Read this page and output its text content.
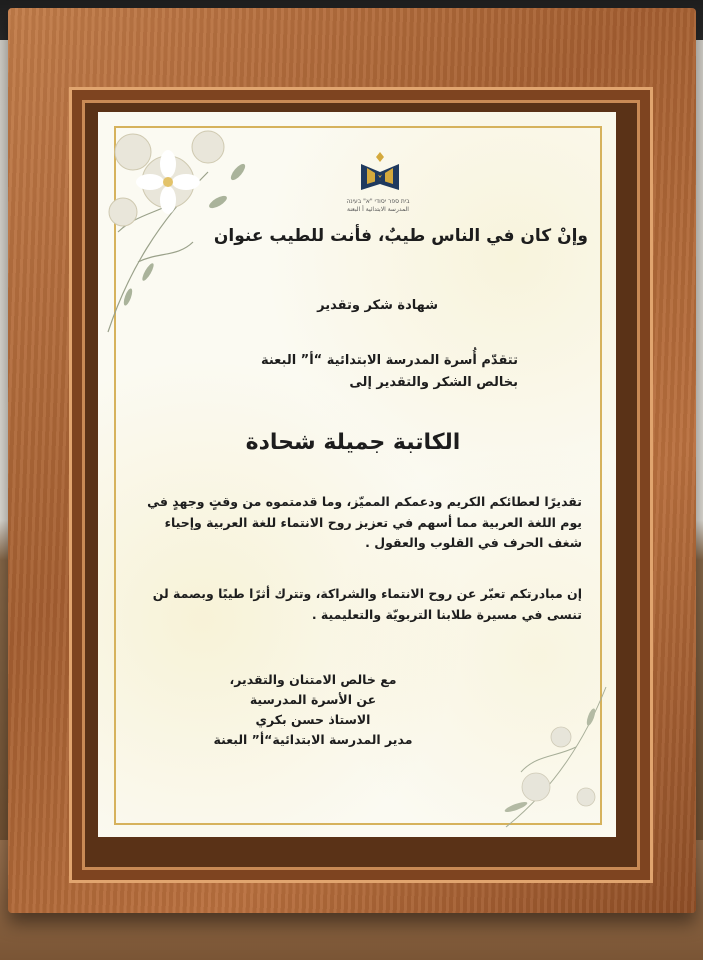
בית ספר יסודי "א" בעינה
المدرسة الابتدائية أ البعنة
وإنْ كان في الناس طيبٌ، فأنت للطيب عنوان
شهادة شكر وتقدير
تتقدّم أُسرة المدرسة الابتدائية “أ” البعنة
بخالص الشكر والتقدير إلى
الكاتبة جميلة شحادة
تقديرًا لعطائكم الكريم ودعمكم المميّز، وما قدمتموه من وقتٍ وجهدٍ في يوم اللغة العربية مما أسهم في تعزيز روح الانتماء للغة العربية وإحياء شغف الحرف في القلوب والعقول .
إن مبادرتكم تعبّر عن روح الانتماء والشراكة، وتترك أثرًا طيبًا وبصمة لن تنسى في مسيرة طلابنا التربويّة والتعليمية .
مع خالص الامتنان والتقدير،
عن الأسرة المدرسية
الاستاذ حسن بكري
مدير المدرسة الابتدائية“أ” البعنة
